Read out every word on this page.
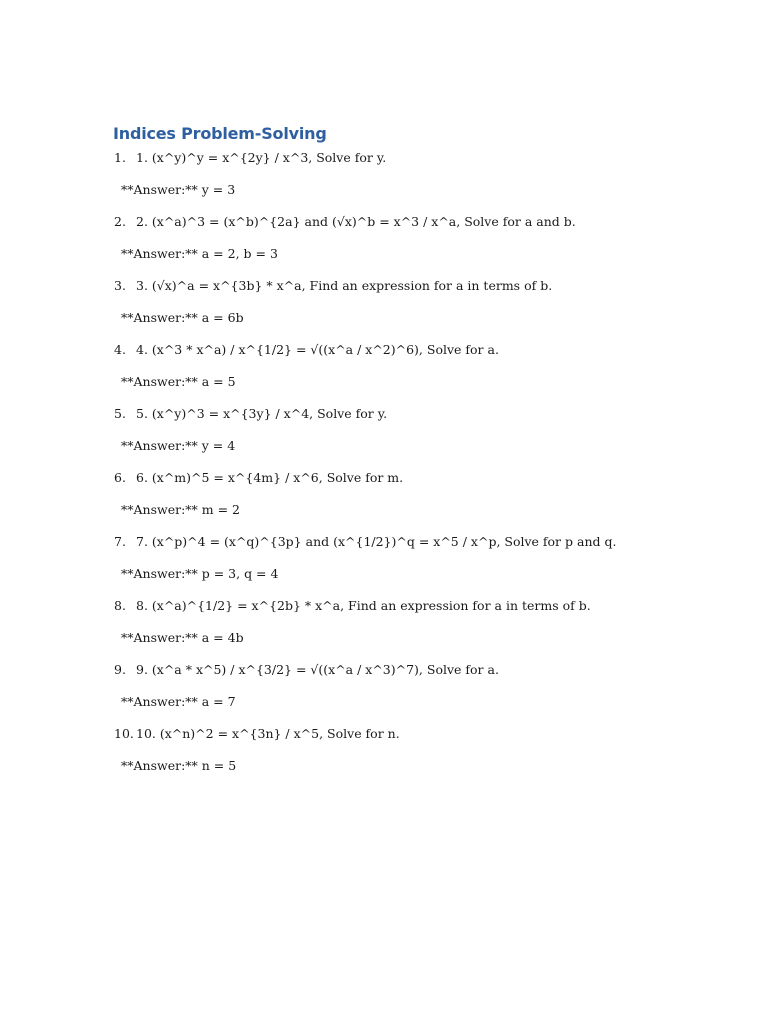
Indices Problem-Solving
1. 1. (x^y)^y = x^{2y} / x^3, Solve for y.
**Answer:** y = 3
2. 2. (x^a)^3 = (x^b)^{2a} and (√x)^b = x^3 / x^a, Solve for a and b.
**Answer:** a = 2, b = 3
3. 3. (√x)^a = x^{3b} * x^a, Find an expression for a in terms of b.
**Answer:** a = 6b
4. 4. (x^3 * x^a) / x^{1/2} = √((x^a / x^2)^6), Solve for a.
**Answer:** a = 5
5. 5. (x^y)^3 = x^{3y} / x^4, Solve for y.
**Answer:** y = 4
6. 6. (x^m)^5 = x^{4m} / x^6, Solve for m.
**Answer:** m = 2
7. 7. (x^p)^4 = (x^q)^{3p} and (x^{1/2})^q = x^5 / x^p, Solve for p and q.
**Answer:** p = 3, q = 4
8. 8. (x^a)^{1/2} = x^{2b} * x^a, Find an expression for a in terms of b.
**Answer:** a = 4b
9. 9. (x^a * x^5) / x^{3/2} = √((x^a / x^3)^7), Solve for a.
**Answer:** a = 7
10. 10. (x^n)^2 = x^{3n} / x^5, Solve for n.
**Answer:** n = 5
